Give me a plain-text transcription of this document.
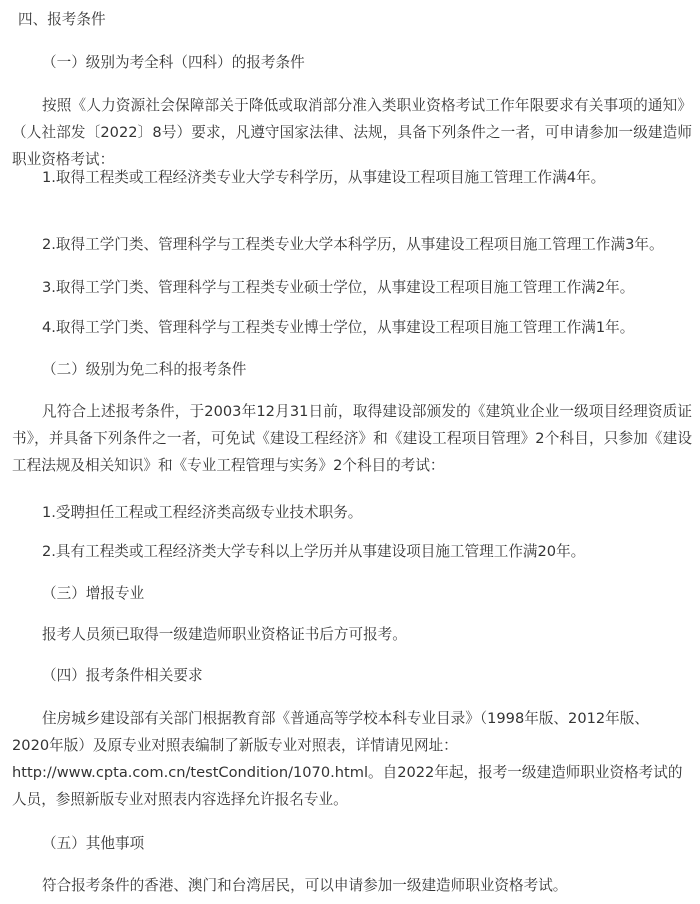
四、报考条件

（一）级别为考全科（四科）的报考条件

按照《人力资源社会保障部关于降低或取消部分准入类职业资格考试工作年限要求有关事项的通知》（人社部发〔2022〕8号）要求，凡遵守国家法律、法规，具备下列条件之一者，可申请参加一级建造师职业资格考试：

1.取得工程类或工程经济类专业大学专科学历，从事建设工程项目施工管理工作满4年。

2.取得工学门类、管理科学与工程类专业大学本科学历，从事建设工程项目施工管理工作满3年。

3.取得工学门类、管理科学与工程类专业硕士学位，从事建设工程项目施工管理工作满2年。

4.取得工学门类、管理科学与工程类专业博士学位，从事建设工程项目施工管理工作满1年。

（二）级别为免二科的报考条件

凡符合上述报考条件，于2003年12月31日前，取得建设部颁发的《建筑业企业一级项目经理资质证书》，并具备下列条件之一者，可免试《建设工程经济》和《建设工程项目管理》2个科目，只参加《建设工程法规及相关知识》和《专业工程管理与实务》2个科目的考试：

1.受聘担任工程或工程经济类高级专业技术职务。

2.具有工程类或工程经济类大学专科以上学历并从事建设项目施工管理工作满20年。

（三）增报专业

报考人员须已取得一级建造师职业资格证书后方可报考。

（四）报考条件相关要求

住房城乡建设部有关部门根据教育部《普通高等学校本科专业目录》（1998年版、2012年版、

2020年版）及原专业对照表编制了新版专业对照表，详情请见网址：

http://www.cpta.com.cn/testCondition/1070.html。自2022年起，报考一级建造师职业资格考试的

人员，参照新版专业对照表内容选择允许报名专业。

（五）其他事项

符合报考条件的香港、澳门和台湾居民，可以申请参加一级建造师职业资格考试。
